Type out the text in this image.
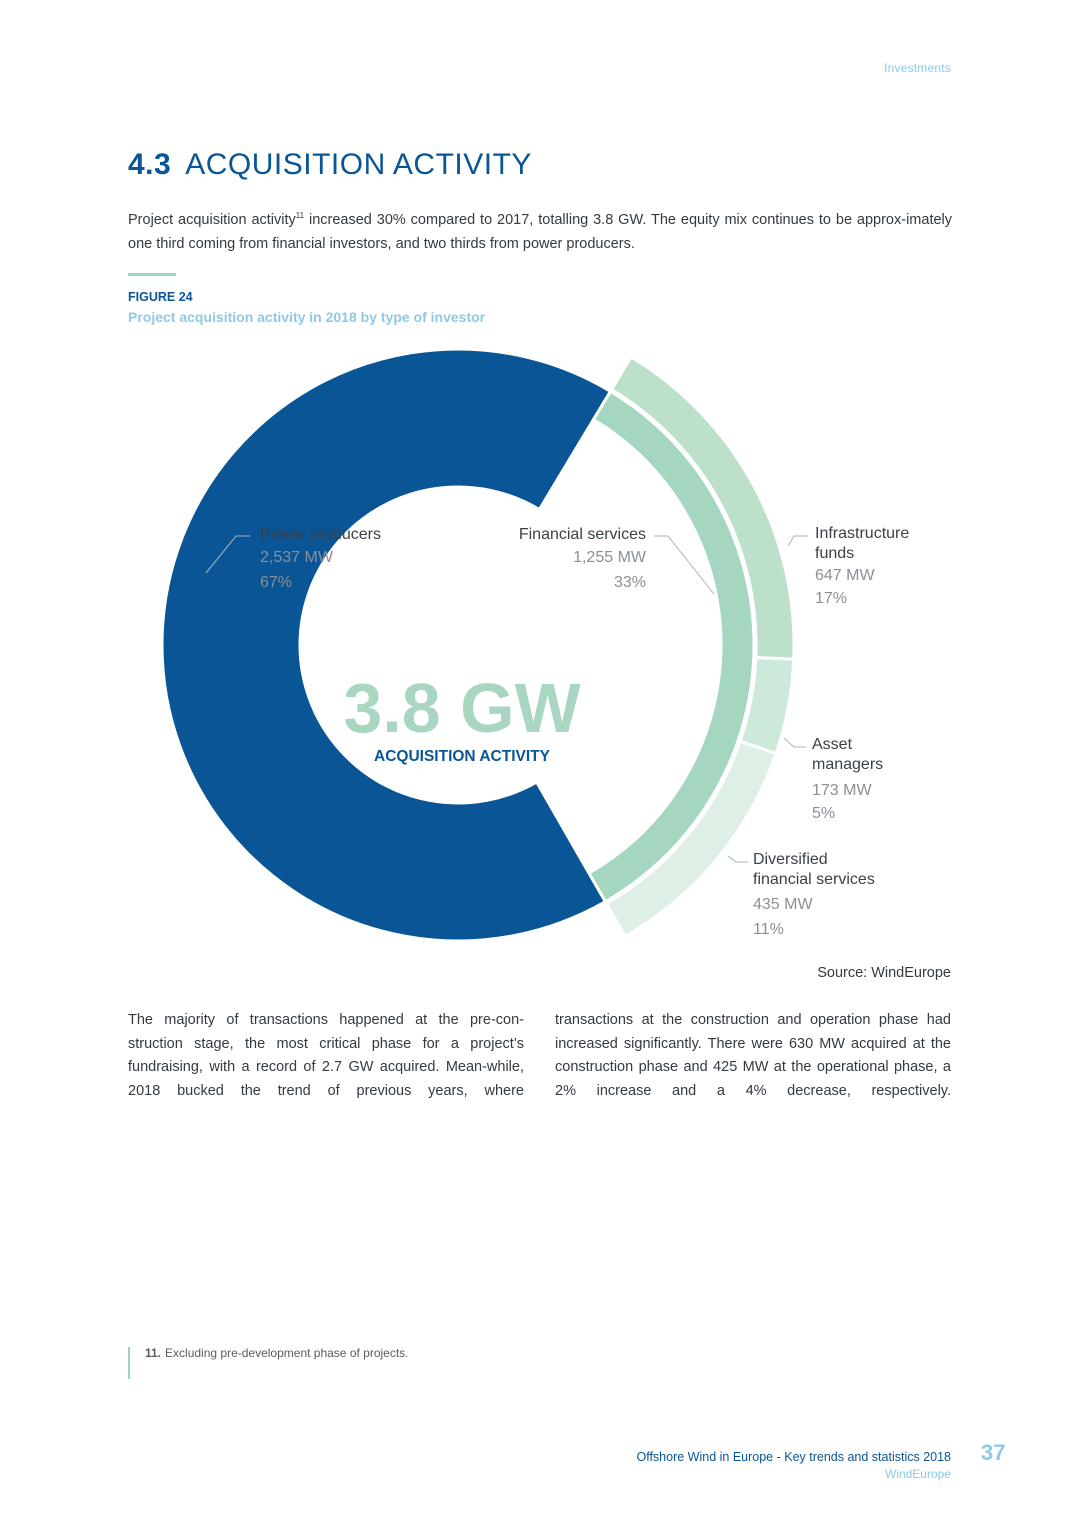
Investments
4.3 ACQUISITION ACTIVITY
Project acquisition activity$^{11}$ increased 30% compared to 2017, totalling 3.8 GW. The equity mix continues to be approx-imately one third coming from financial investors, and two thirds from power producers.
FIGURE 24
Project acquisition activity in 2018 by type of investor
Power producers
2,537 MW
67%
Financial services
1,255 MW
33%
Infrastructure
funds
647 MW
17%
Asset
managers
173 MW
5%
Diversified
financial services
435 MW
11%
3.8 GW
ACQUISITION ACTIVITY
Source: WindEurope
The majority of transactions happened at the pre-con-struction stage, the most critical phase for a project’s fundraising, with a record of 2.7 GW acquired. Mean-while, 2018 bucked the trend of previous years, where
transactions at the construction and operation phase had increased significantly. There were 630 MW acquired at the construction phase and 425 MW at the operational phase, a 2% increase and a 4% decrease, respectively.
11. Excluding pre-development phase of projects.
Offshore Wind in Europe - Key trends and statistics 2018
WindEurope
37
